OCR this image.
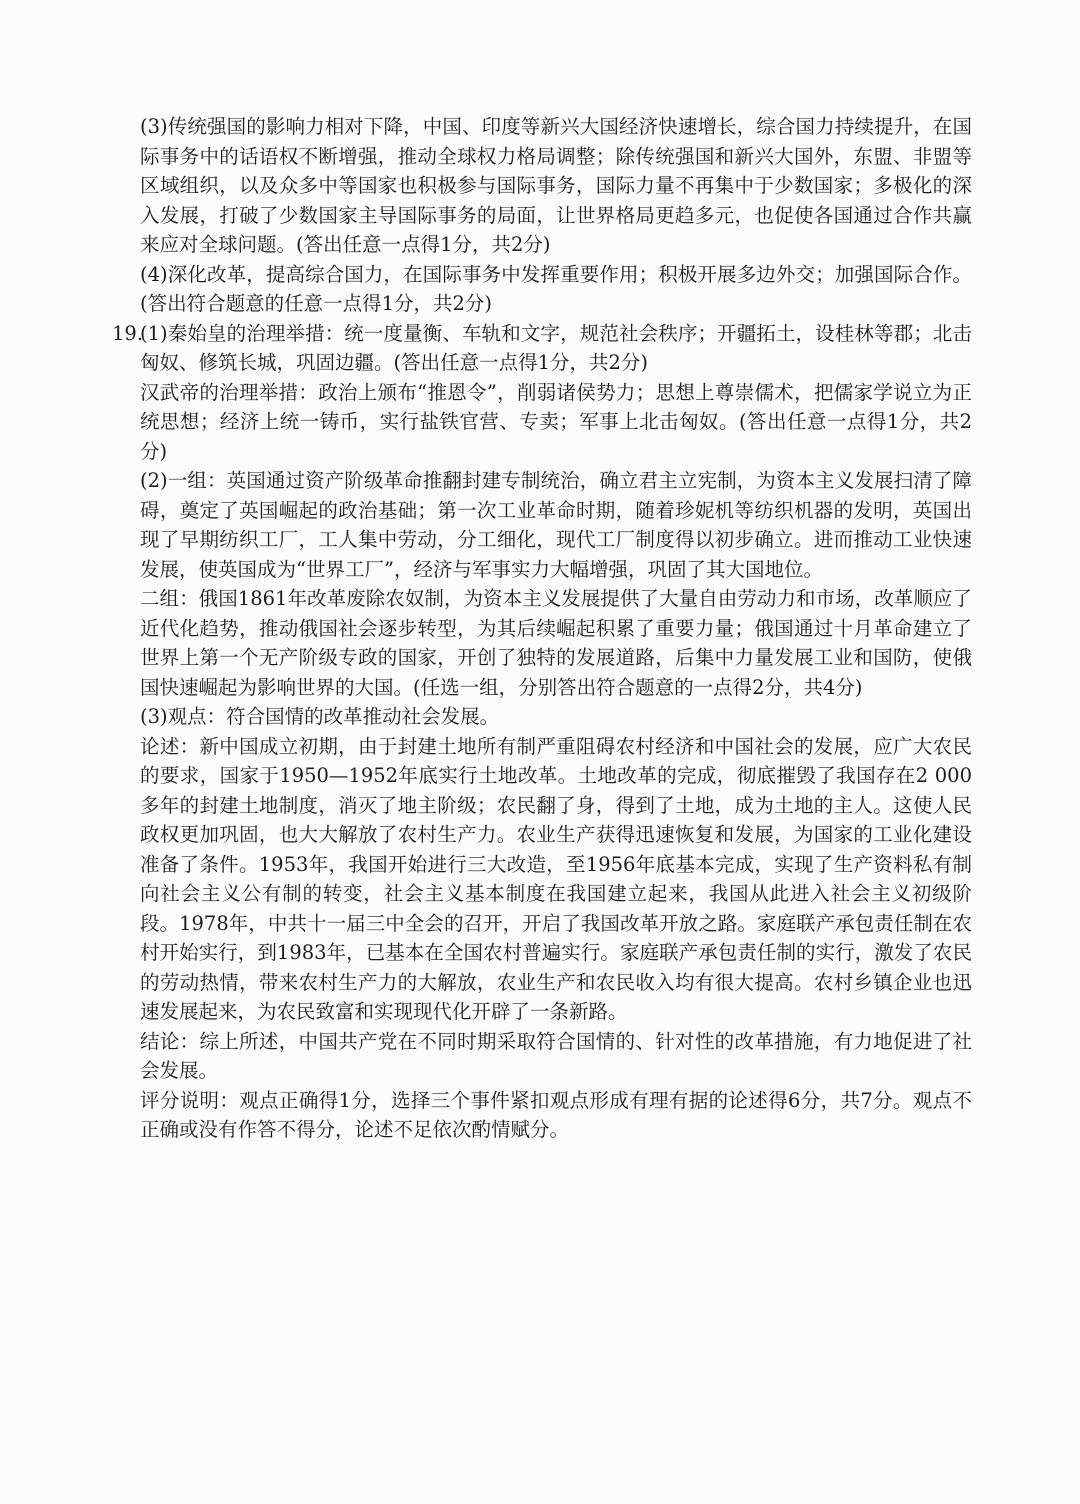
(3)传统强国的影响力相对下降，中国、印度等新兴大国经济快速增长，综合国力持续提升，在国际事务中的话语权不断增强，推动全球权力格局调整；除传统强国和新兴大国外，东盟、非盟等区域组织，以及众多中等国家也积极参与国际事务，国际力量不再集中于少数国家；多极化的深入发展，打破了少数国家主导国际事务的局面，让世界格局更趋多元，也促使各国通过合作共赢来应对全球问题。(答出任意一点得1分，共2分)

(4)深化改革，提高综合国力，在国际事务中发挥重要作用；积极开展多边外交；加强国际合作。(答出符合题意的任意一点得1分，共2分)

19.

(1)秦始皇的治理举措：统一度量衡、车轨和文字，规范社会秩序；开疆拓土，设桂林等郡；北击匈奴、修筑长城，巩固边疆。(答出任意一点得1分，共2分)

汉武帝的治理举措：政治上颁布“推恩令”，削弱诸侯势力；思想上尊崇儒术，把儒家学说立为正统思想；经济上统一铸币，实行盐铁官营、专卖；军事上北击匈奴。(答出任意一点得1分，共2分)

(2)一组：英国通过资产阶级革命推翻封建专制统治，确立君主立宪制，为资本主义发展扫清了障碍，奠定了英国崛起的政治基础；第一次工业革命时期，随着珍妮机等纺织机器的发明，英国出现了早期纺织工厂，工人集中劳动，分工细化，现代工厂制度得以初步确立。进而推动工业快速发展，使英国成为“世界工厂”，经济与军事实力大幅增强，巩固了其大国地位。

二组：俄国1861年改革废除农奴制，为资本主义发展提供了大量自由劳动力和市场，改革顺应了近代化趋势，推动俄国社会逐步转型，为其后续崛起积累了重要力量；俄国通过十月革命建立了世界上第一个无产阶级专政的国家，开创了独特的发展道路，后集中力量发展工业和国防，使俄国快速崛起为影响世界的大国。(任选一组，分别答出符合题意的一点得2分，共4分)

(3)观点：符合国情的改革推动社会发展。

论述：新中国成立初期，由于封建土地所有制严重阻碍农村经济和中国社会的发展，应广大农民的要求，国家于1950—1952年底实行土地改革。土地改革的完成，彻底摧毁了我国存在2 000多年的封建土地制度，消灭了地主阶级；农民翻了身，得到了土地，成为土地的主人。这使人民政权更加巩固，也大大解放了农村生产力。农业生产获得迅速恢复和发展，为国家的工业化建设准备了条件。1953年，我国开始进行三大改造，至1956年底基本完成，实现了生产资料私有制向社会主义公有制的转变，社会主义基本制度在我国建立起来，我国从此进入社会主义初级阶段。1978年，中共十一届三中全会的召开，开启了我国改革开放之路。家庭联产承包责任制在农村开始实行，到1983年，已基本在全国农村普遍实行。家庭联产承包责任制的实行，激发了农民的劳动热情，带来农村生产力的大解放，农业生产和农民收入均有很大提高。农村乡镇企业也迅速发展起来，为农民致富和实现现代化开辟了一条新路。

结论：综上所述，中国共产党在不同时期采取符合国情的、针对性的改革措施，有力地促进了社会发展。

评分说明：观点正确得1分，选择三个事件紧扣观点形成有理有据的论述得6分，共7分。观点不正确或没有作答不得分，论述不足依次酌情赋分。
